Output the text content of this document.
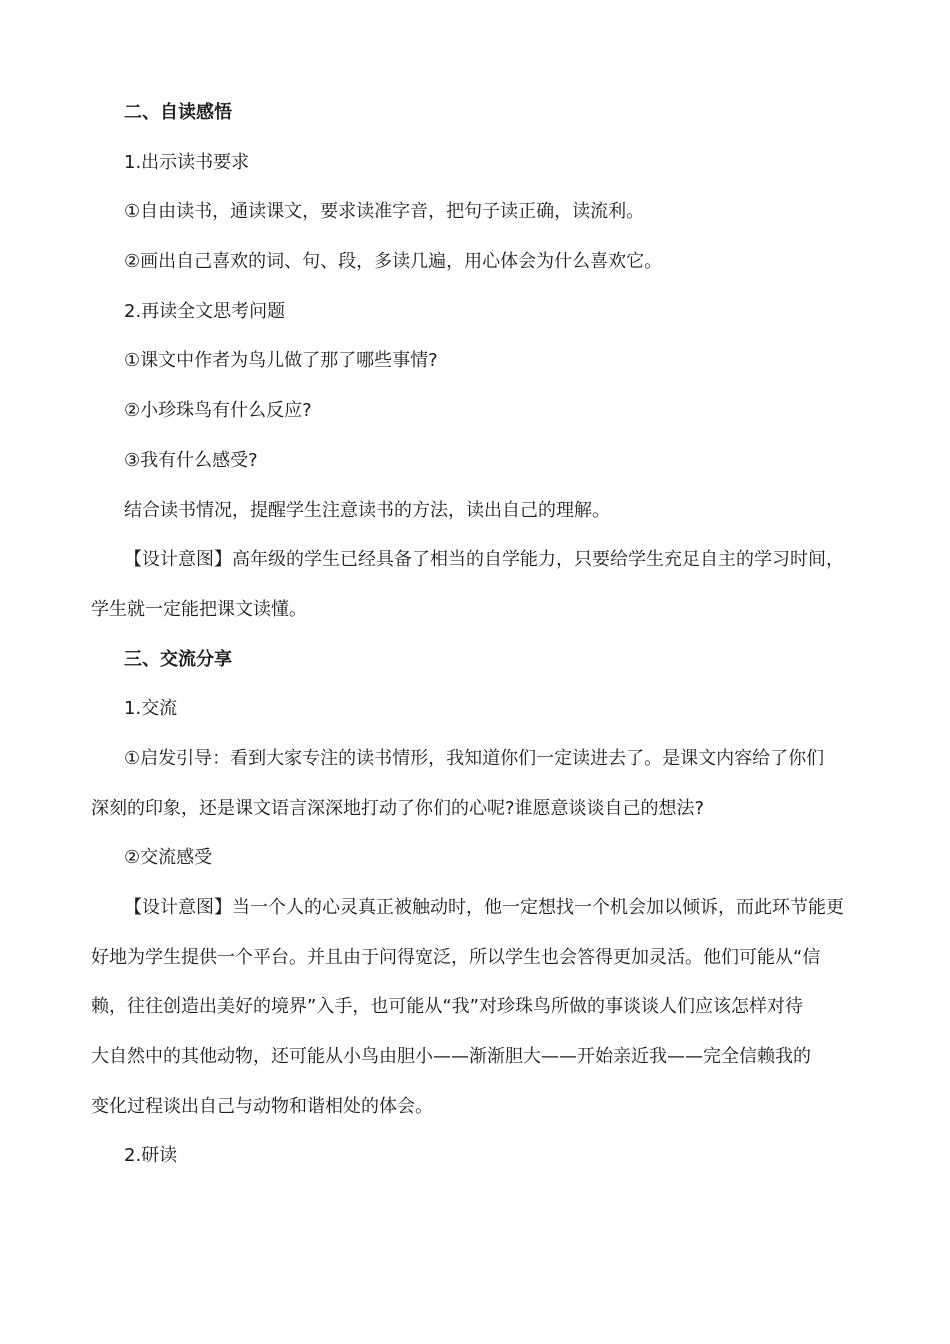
二、自读感悟
1.出示读书要求
①自由读书，通读课文，要求读准字音，把句子读正确，读流利。
②画出自己喜欢的词、句、段，多读几遍，用心体会为什么喜欢它。
2.再读全文思考问题
①课文中作者为鸟儿做了那了哪些事情?
②小珍珠鸟有什么反应?
③我有什么感受?
结合读书情况，提醒学生注意读书的方法，读出自己的理解。
【设计意图】高年级的学生已经具备了相当的自学能力，只要给学生充足自主的学习时间，
学生就一定能把课文读懂。
三、交流分享
1.交流
①启发引导：看到大家专注的读书情形，我知道你们一定读进去了。是课文内容给了你们
深刻的印象，还是课文语言深深地打动了你们的心呢?谁愿意谈谈自己的想法?
②交流感受
【设计意图】当一个人的心灵真正被触动时，他一定想找一个机会加以倾诉，而此环节能更
好地为学生提供一个平台。并且由于问得宽泛，所以学生也会答得更加灵活。他们可能从“信
赖，往往创造出美好的境界”入手，也可能从“我”对珍珠鸟所做的事谈谈人们应该怎样对待
大自然中的其他动物，还可能从小鸟由胆小——渐渐胆大——开始亲近我——完全信赖我的
变化过程谈出自己与动物和谐相处的体会。
2.研读
